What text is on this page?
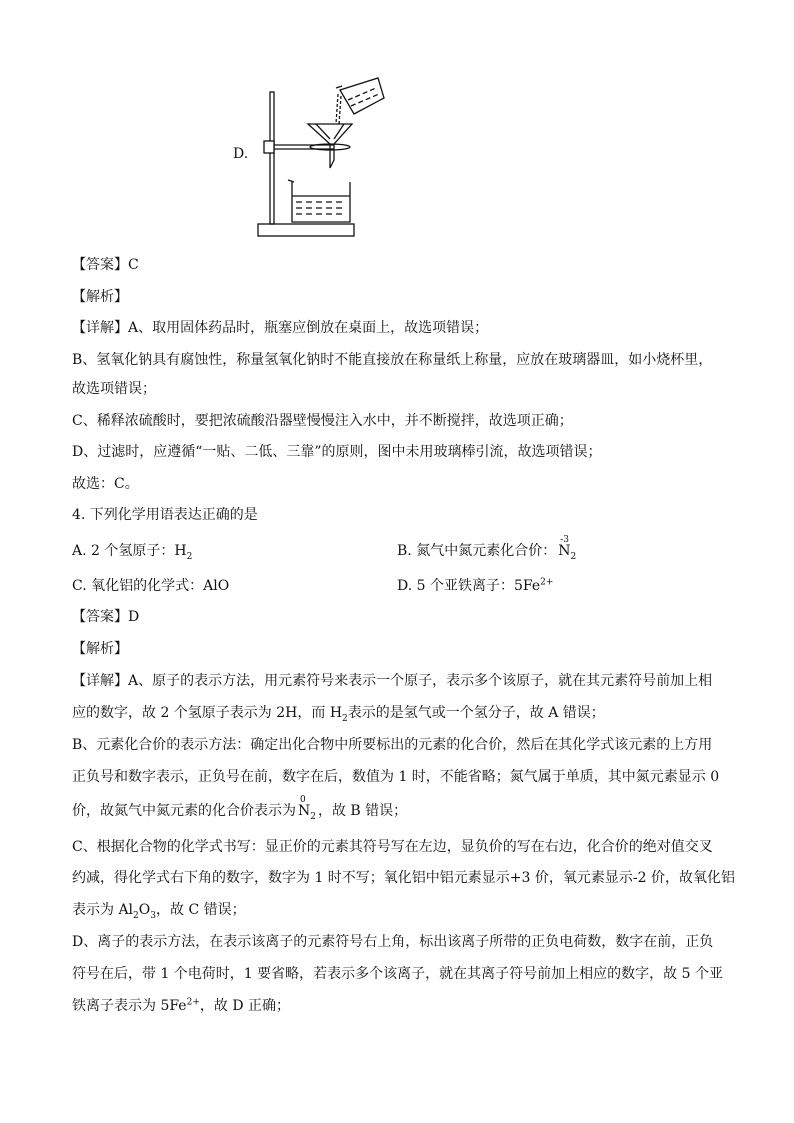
D.
【答案】C
【解析】
【详解】A、取用固体药品时，瓶塞应倒放在桌面上，故选项错误；
B、氢氧化钠具有腐蚀性，称量氢氧化钠时不能直接放在称量纸上称量，应放在玻璃器皿，如小烧杯里，
故选项错误；
C、稀释浓硫酸时，要把浓硫酸沿器壁慢慢注入水中，并不断搅拌，故选项正确；
D、过滤时，应遵循“一贴、二低、三靠”的原则，图中未用玻璃棒引流，故选项错误；
故选：C。
4. 下列化学用语表达正确的是
A. 2 个氢原子：$H_2$	B. 氮气中氮元素化合价：
-3
$N_2$
C. 氧化铝的化学式：AlO	D. 5 个亚铁离子：$5Fe^{2+}$
【答案】D
【解析】
【详解】A、原子的表示方法，用元素符号来表示一个原子，表示多个该原子，就在其元素符号前加上相
应的数字，故 2 个氢原子表示为 2H，而 $H_2$表示的是氢气或一个氢分子，故 A 错误；
B、元素化合价的表示方法：确定出化合物中所要标出的元素的化合价，然后在其化学式该元素的上方用
正负号和数字表示，正负号在前，数字在后，数值为 1 时，不能省略；氮气属于单质，其中氮元素显示 0
价，故氮气中氮元素的化合价表示为
0
$N_2$ ，故 B 错误；
C、根据化合物的化学式书写：显正价的元素其符号写在左边，显负价的写在右边，化合价的绝对值交叉
约减，得化学式右下角的数字，数字为 1 时不写；氧化铝中铝元素显示+3 价，氧元素显示-2 价，故氧化铝
表示为 $Al_2O_3$，故 C 错误；
D、离子的表示方法，在表示该离子的元素符号右上角，标出该离子所带的正负电荷数，数字在前，正负
符号在后，带 1 个电荷时，1 要省略，若表示多个该离子，就在其离子符号前加上相应的数字，故 5 个亚
铁离子表示为 $5Fe^{2+}$，故 D 正确；
